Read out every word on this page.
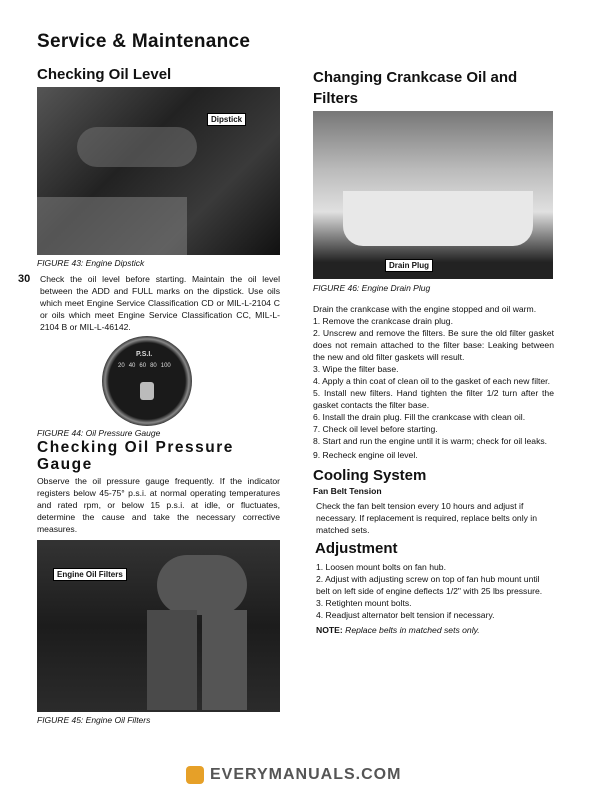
Service & Maintenance
Checking Oil Level
Dipstick
FIGURE 43: Engine Dipstick
30 Check the oil level before starting. Maintain the oil level between the ADD and FULL marks on the dipstick. Use oils which meet Engine Service Classification CD or MIL-L-2104 C or oils which meet Engine Service Classification CC, MIL-L-2104 B or MIL-L-46142.
P.S.I.
20 40 60 80 100
FIGURE 44: Oil Pressure Gauge
Checking Oil Pressure Gauge
Observe the oil pressure gauge frequently. If the indicator registers below 45-75° p.s.i. at normal operating temperatures and rated rpm, or below 15 p.s.i. at idle, or fluctuates, determine the cause and take the necessary corrective measures.
Engine Oil Filters
FIGURE 45: Engine Oil Filters
Changing Crankcase Oil and Filters
Drain Plug
FIGURE 46: Engine Drain Plug
Drain the crankcase with the engine stopped and oil warm.
1. Remove the crankcase drain plug.
2. Unscrew and remove the filters. Be sure the old filter gasket does not remain attached to the filter base: Leaking between the new and old filter gaskets will result.
3. Wipe the filter base.
4. Apply a thin coat of clean oil to the gasket of each new filter.
5. Install new filters. Hand tighten the filter 1/2 turn after the gasket contacts the filter base.
6. Install the drain plug. Fill the crankcase with clean oil.
7. Check oil level before starting.
8. Start and run the engine until it is warm; check for oil leaks.
9. Recheck engine oil level.
Cooling System
Fan Belt Tension
Check the fan belt tension every 10 hours and adjust if necessary. If replacement is required, replace belts only in matched sets.
Adjustment
1. Loosen mount bolts on fan hub.
2. Adjust with adjusting screw on top of fan hub mount until belt on left side of engine deflects 1/2" with 25 lbs pressure.
3. Retighten mount bolts.
4. Readjust alternator belt tension if necessary.
NOTE: Replace belts in matched sets only.
EVERYMANUALS.COM
